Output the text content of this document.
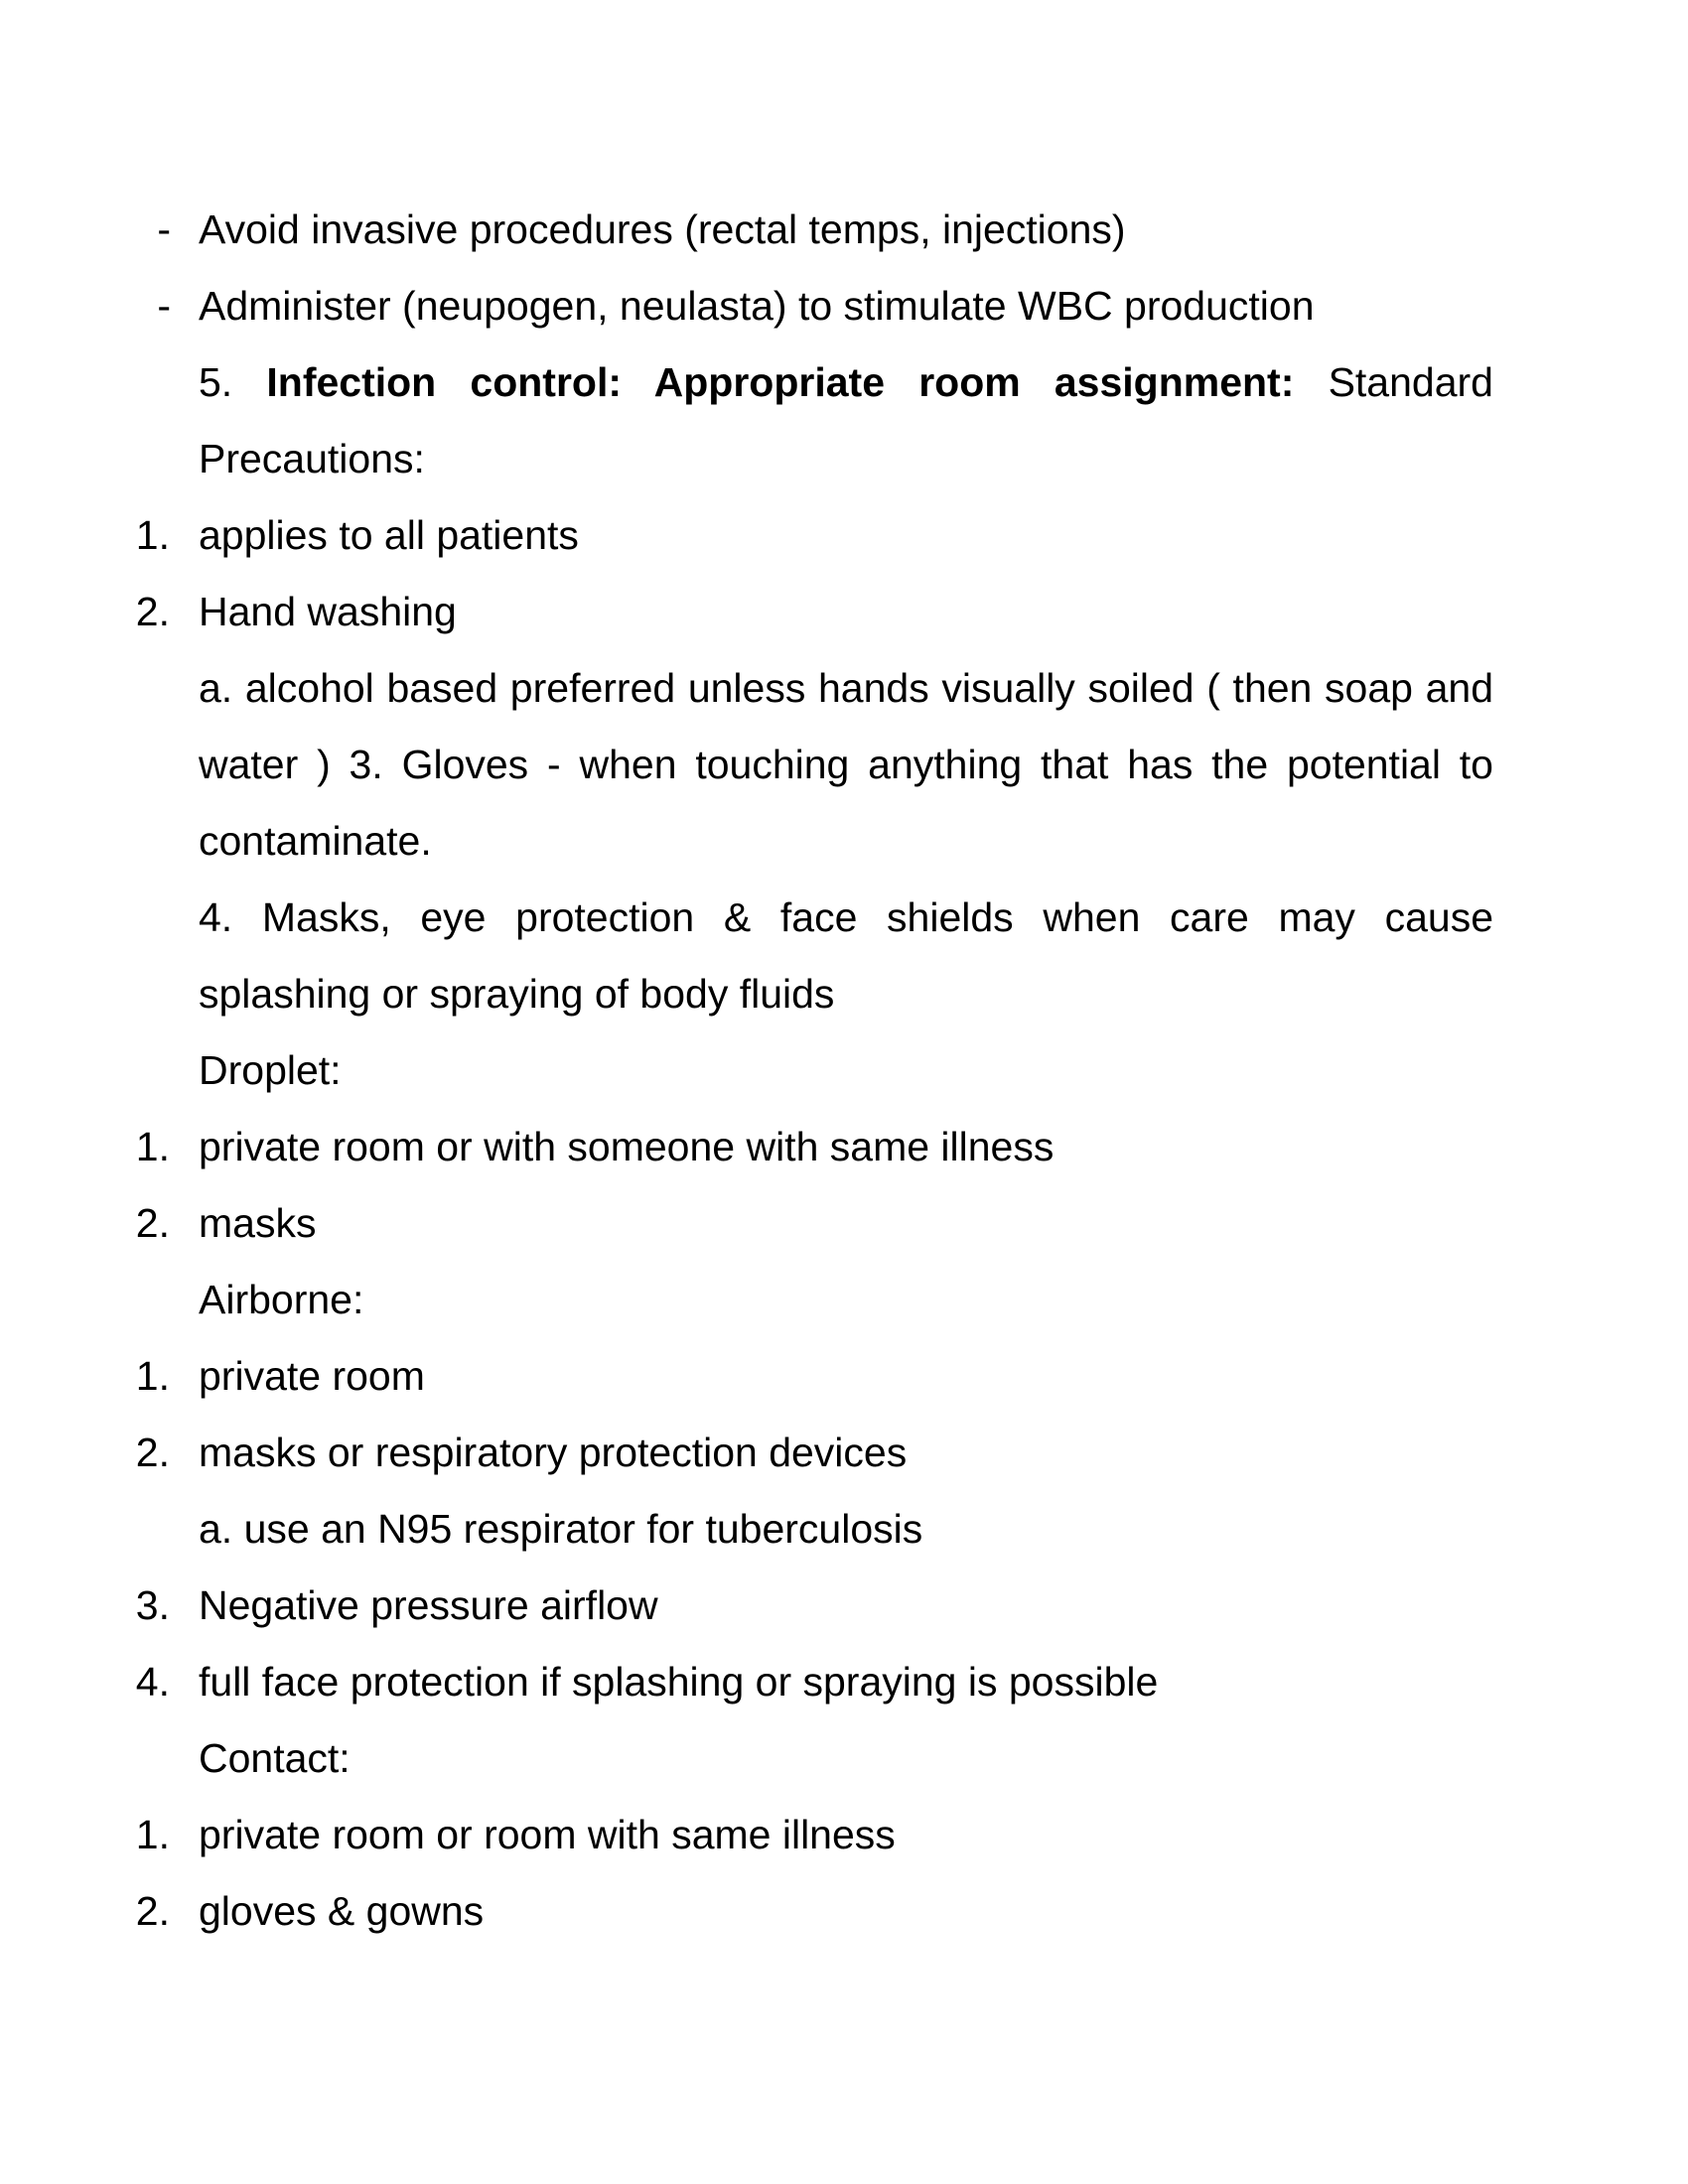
- Avoid invasive procedures (rectal temps, injections)
- Administer (neupogen, neulasta) to stimulate WBC production
5. Infection control: Appropriate room assignment: Standard Precautions:
1. applies to all patients
2. Hand washing
a. alcohol based preferred unless hands visually soiled ( then soap and water ) 3. Gloves - when touching anything that has the potential to contaminate.
4. Masks, eye protection & face shields when care may cause splashing or spraying of body fluids
Droplet:
1. private room or with someone with same illness
2. masks
Airborne:
1. private room
2. masks or respiratory protection devices
a. use an N95 respirator for tuberculosis
3. Negative pressure airflow
4. full face protection if splashing or spraying is possible
Contact:
1. private room or room with same illness
2. gloves & gowns
